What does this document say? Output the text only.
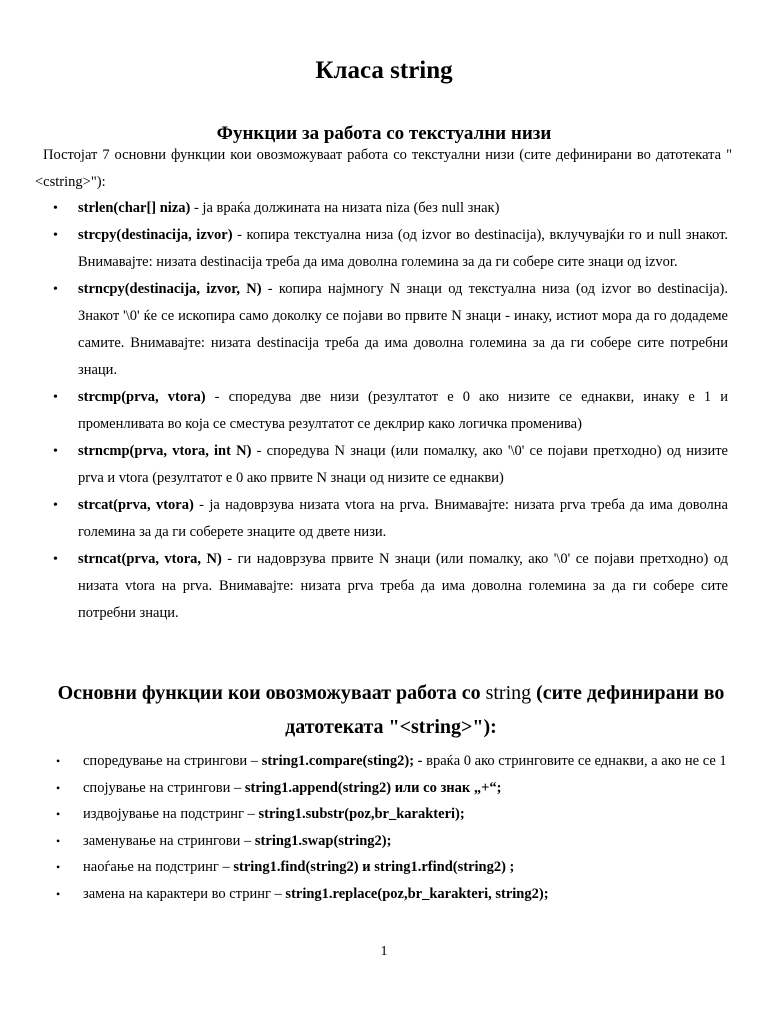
Класа string
Функции за работа со текстуални низи

Постојат 7 основни функции кои овозможуваат работа со текстуални низи (сите дефинирани во датотеката "<cstring>"):

• strlen(char[] niza) - ја враќа должината на низата niza (без null знак)
• strcpy(destinacija, izvor) - копира текстуална низа (од izvor во destinacija), вклучувајќи го и null знакот. Внимавајте: низата destinacija треба да има доволна големина за да ги собере сите знаци од izvor.
• strncpy(destinacija, izvor, N) - копира најмногу N знаци од текстуална низа (од izvor во destinacija). Знакот '\0' ќе се ископира само доколку се појави во првите N знаци - инаку, истиот мора да го додадеме самите. Внимавајте: низата destinacija треба да има доволна големина за да ги собере сите потребни знаци.
• strcmp(prva, vtora) - споредува две низи (резултатот е 0 ако низите се еднакви, инаку е 1 и променливата во која се сместува резултатот се деклрир како логичка променива)
• strncmp(prva, vtora, int N) - споредува N знаци (или помалку, ако '\0' се појави претходно) од низите prva и vtora (резултатот е 0 ако првите N знаци од низите се еднакви)
• strcat(prva, vtora) - ја надоврзува низата vtora на prva. Внимавајте: низата prva треба да има доволна големина за да ги соберете знаците од двете низи.
• strncat(prva, vtora, N) - ги надоврзува првите N знаци (или помалку, ако '\0' се појави претходно) од низата vtora на prva. Внимавајте: низата prva треба да има доволна големина за да ги собере сите потребни знаци.
Основни функции кои овозможуваат работа со string (сите дефинирани во датотеката "<string>"):
• споредување на стрингови – string1.compare(sting2); - враќа 0 ако стринговите се еднакви, а ако не се 1
• спојување на стрингови – string1.append(string2) или со знак „+“;
• издвојување на подстринг – string1.substr(poz,br_karakteri);
• заменување на стрингови – string1.swap(string2);
• наоѓање на подстринг – string1.find(string2) и string1.rfind(string2) ;
• замена на карактери во стринг – string1.replace(poz,br_karakteri, string2);
1
